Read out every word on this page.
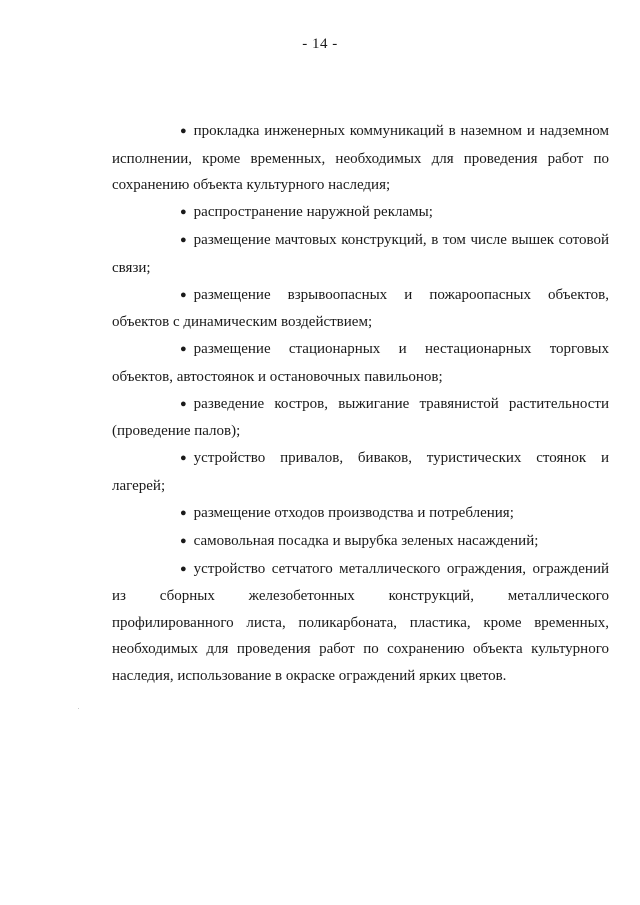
- 14 -

● прокладка инженерных коммуникаций в наземном и надземном исполнении, кроме временных, необходимых для проведения работ по сохранению объекта культурного наследия;

● распространение наружной рекламы;

● размещение мачтовых конструкций, в том числе вышек сотовой связи;

● размещение взрывоопасных и пожароопасных объектов, объектов с динамическим воздействием;

● размещение стационарных и нестационарных торговых объектов, автостоянок и остановочных павильонов;

● разведение костров, выжигание травянистой растительности (проведение палов);

● устройство привалов, биваков, туристических стоянок и лагерей;

● размещение отходов производства и потребления;

● самовольная посадка и вырубка зеленых насаждений;

● устройство сетчатого металлического ограждения, ограждений из сборных железобетонных конструкций, металлического профилированного листа, поликарбоната, пластика, кроме временных, необходимых для проведения работ по сохранению объекта культурного наследия, использование в окраске ограждений ярких цветов.
